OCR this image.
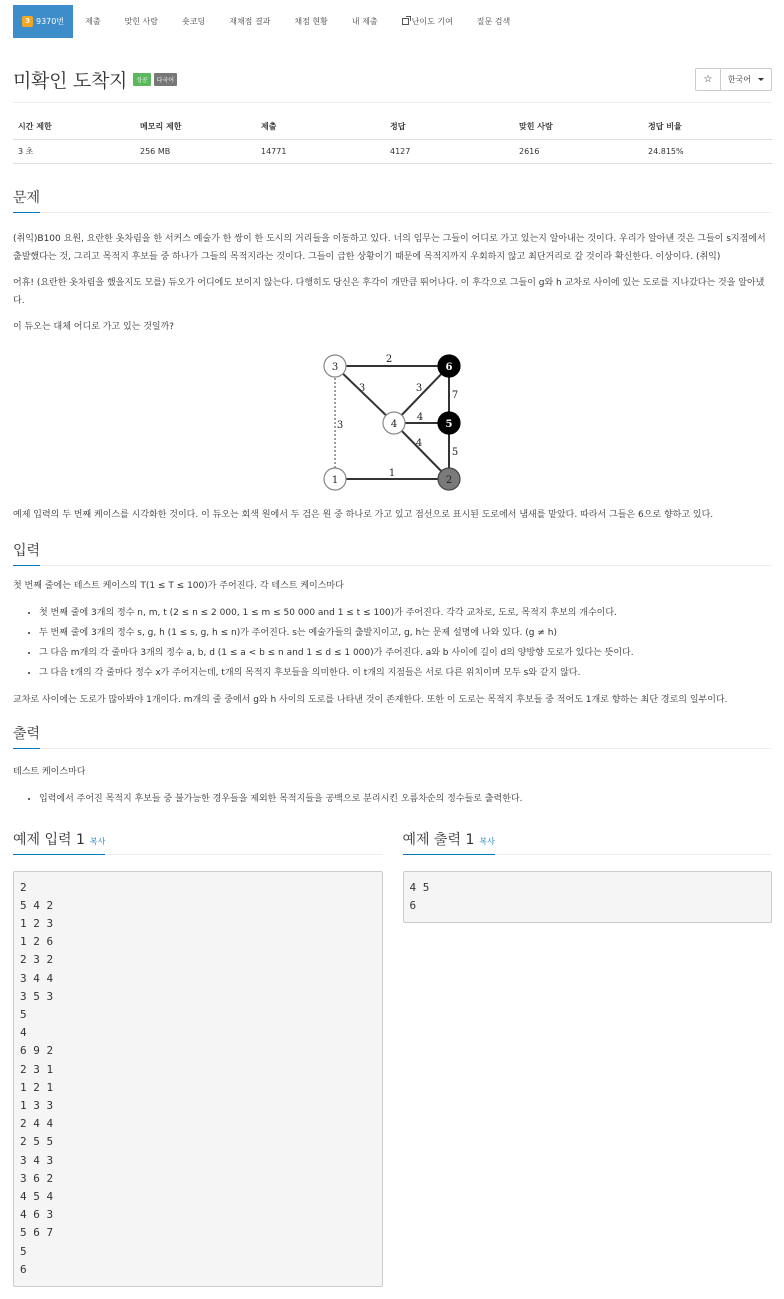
3 9370번	제출	맞힌 사람	숏코딩	재채점 결과	채점 현황	내 제출	난이도 기여	질문 검색
미확인 도착지	성공	다국어	☆ 한국어
시간 제한	메모리 제한	제출	정답	맞힌 사람	정답 비율
3 초	256 MB	14771	4127	2616	24.815%
문제

(취익)B100 요원, 요란한 옷차림을 한 서커스 예술가 한 쌍이 한 도시의 거리들을 이동하고 있다. 너의 임무는 그들이 어디로 가고 있는지 알아내는 것이다. 우리가 알아낸 것은 그들이 s지점에서 출발했다는 것, 그리고 목적지 후보들 중 하나가 그들의 목적지라는 것이다. 그들이 급한 상황이기 때문에 목적지까지 우회하지 않고 최단거리로 갈 것이라 확신한다. 이상이다. (취익)

어휴! (요란한 옷차림을 했을지도 모를) 듀오가 어디에도 보이지 않는다. 다행히도 당신은 후각이 개만큼 뛰어나다. 이 후각으로 그들이 g와 h 교차로 사이에 있는 도로를 지나갔다는 것을 알아냈다.

이 듀오는 대체 어디로 가고 있는 것일까?

2
3	3
3
4
7
4
5
1
3	6
4	5
1	2

예제 입력의 두 번째 케이스를 시각화한 것이다. 이 듀오는 회색 원에서 두 검은 원 중 하나로 가고 있고 점선으로 표시된 도로에서 냄새를 맡았다. 따라서 그들은 6으로 향하고 있다.

입력

첫 번째 줄에는 테스트 케이스의 T(1 ≤ T ≤ 100)가 주어진다. 각 테스트 케이스마다

• 첫 번째 줄에 3개의 정수 n, m, t (2 ≤ n ≤ 2 000, 1 ≤ m ≤ 50 000 and 1 ≤ t ≤ 100)가 주어진다. 각각 교차로, 도로, 목적지 후보의 개수이다.
• 두 번째 줄에 3개의 정수 s, g, h (1 ≤ s, g, h ≤ n)가 주어진다. s는 예술가들의 출발지이고, g, h는 문제 설명에 나와 있다. (g ≠ h)
• 그 다음 m개의 각 줄마다 3개의 정수 a, b, d (1 ≤ a < b ≤ n and 1 ≤ d ≤ 1 000)가 주어진다. a와 b 사이에 길이 d의 양방향 도로가 있다는 뜻이다.
• 그 다음 t개의 각 줄마다 정수 x가 주어지는데, t개의 목적지 후보들을 의미한다. 이 t개의 지점들은 서로 다른 위치이며 모두 s와 같지 않다.

교차로 사이에는 도로가 많아봐야 1개이다. m개의 줄 중에서 g와 h 사이의 도로를 나타낸 것이 존재한다. 또한 이 도로는 목적지 후보들 중 적어도 1개로 향하는 최단 경로의 일부이다.

출력

테스트 케이스마다

• 입력에서 주어진 목적지 후보들 중 불가능한 경우들을 제외한 목적지들을 공백으로 분리시킨 오름차순의 정수들로 출력한다.
예제 입력 1 복사
2
5 4 2
1 2 3
1 2 6
2 3 2
3 4 4
3 5 3
5
4
6 9 2
2 3 1
1 2 1
1 3 3
2 4 4
2 5 5
3 4 3
3 6 2
4 5 4
4 6 3
5 6 7
5
6
예제 출력 1 복사
4 5
6
